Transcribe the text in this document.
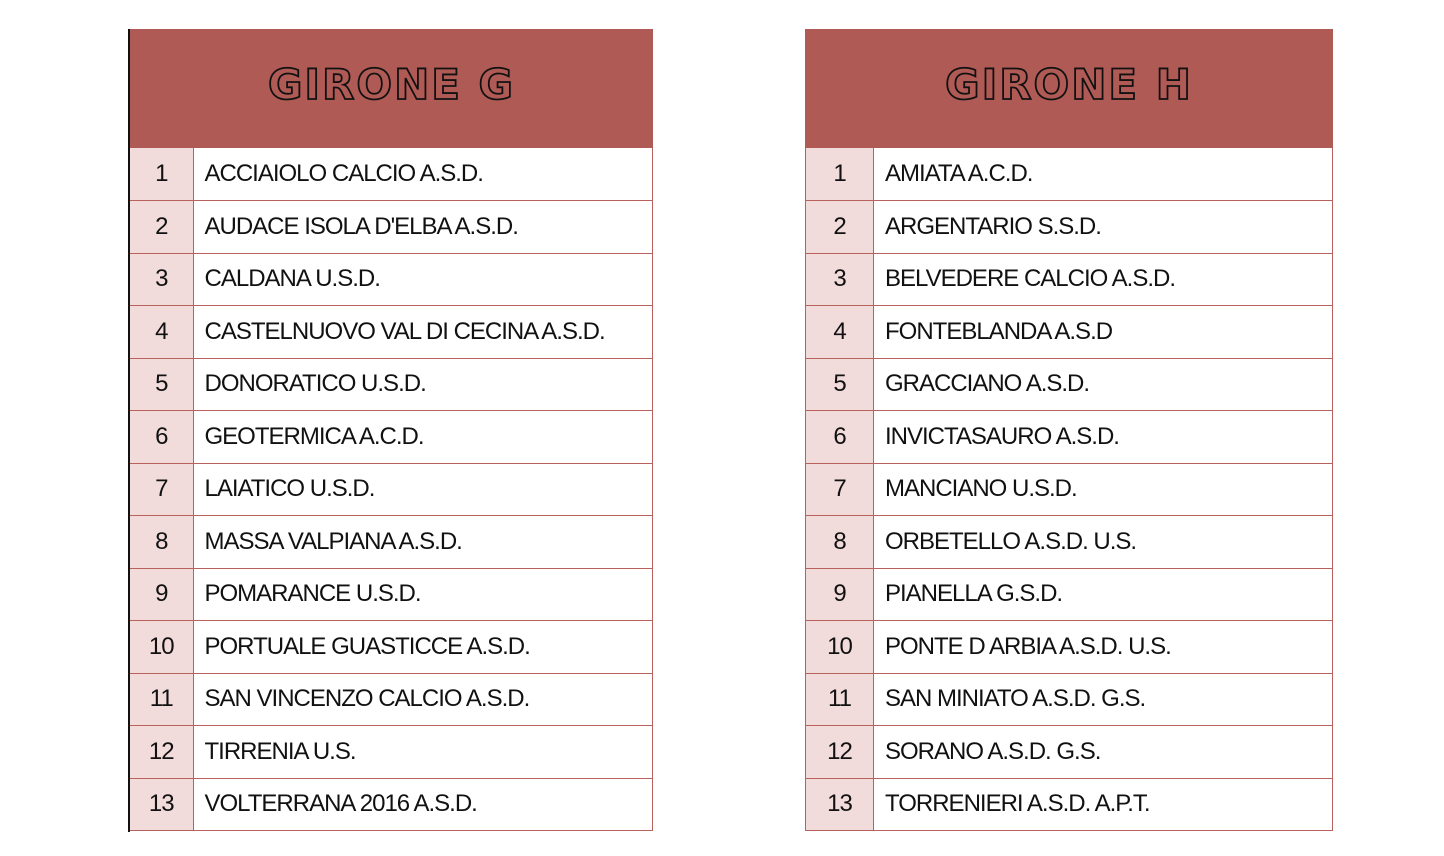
GIRONE G
1	ACCIAIOLO CALCIO A.S.D.
2	AUDACE ISOLA D'ELBA A.S.D.
3	CALDANA U.S.D.
4	CASTELNUOVO VAL DI CECINA A.S.D.
5	DONORATICO U.S.D.
6	GEOTERMICA A.C.D.
7	LAIATICO U.S.D.
8	MASSA VALPIANA A.S.D.
9	POMARANCE U.S.D.
10	PORTUALE GUASTICCE A.S.D.
11	SAN VINCENZO CALCIO A.S.D.
12	TIRRENIA U.S.
13	VOLTERRANA 2016 A.S.D.
GIRONE H
1	AMIATA A.C.D.
2	ARGENTARIO S.S.D.
3	BELVEDERE CALCIO A.S.D.
4	FONTEBLANDA A.S.D
5	GRACCIANO A.S.D.
6	INVICTASAURO A.S.D.
7	MANCIANO U.S.D.
8	ORBETELLO A.S.D. U.S.
9	PIANELLA G.S.D.
10	PONTE D ARBIA A.S.D. U.S.
11	SAN MINIATO A.S.D. G.S.
12	SORANO A.S.D. G.S.
13	TORRENIERI A.S.D. A.P.T.
